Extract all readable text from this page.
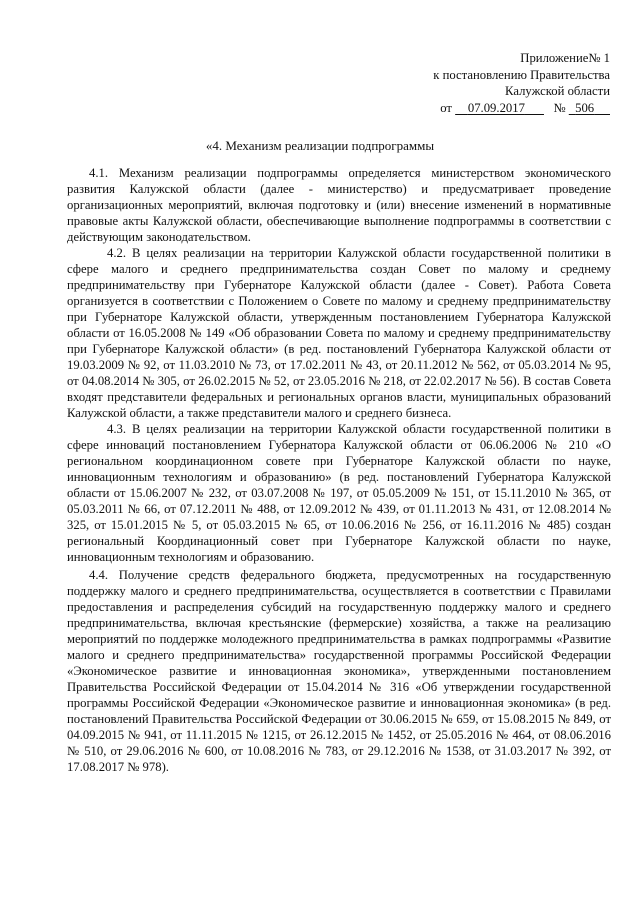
Приложение№ 1
к постановлению Правительства
Калужской области
от 07.09.2017 № 506
«4. Механизм реализации подпрограммы

4.1. Механизм реализации подпрограммы определяется министерством экономического развития Калужской области (далее - министерство) и предусматривает проведение организационных мероприятий, включая подготовку и (или) внесение изменений в нормативные правовые акты Калужской области, обеспечивающие выполнение подпрограммы в соответствии с действующим законодательством.

4.2. В целях реализации на территории Калужской области государственной политики в сфере малого и среднего предпринимательства создан Совет по малому и среднему предпринимательству при Губернаторе Калужской области (далее - Совет). Работа Совета организуется в соответствии с Положением о Совете по малому и среднему предпринимательству при Губернаторе Калужской области, утвержденным постановлением Губернатора Калужской области от 16.05.2008 № 149 «Об образовании Совета по малому и среднему предпринимательству при Губернаторе Калужской области» (в ред. постановлений Губернатора Калужской области от 19.03.2009 № 92, от 11.03.2010 № 73, от 17.02.2011 № 43, от 20.11.2012 № 562, от 05.03.2014 № 95, от 04.08.2014 № 305, от 26.02.2015 № 52, от 23.05.2016 № 218, от 22.02.2017 № 56). В состав Совета входят представители федеральных и региональных органов власти, муниципальных образований Калужской области, а также представители малого и среднего бизнеса.

4.3. В целях реализации на территории Калужской области государственной политики в сфере инноваций постановлением Губернатора Калужской области от 06.06.2006 № 210 «О региональном координационном совете при Губернаторе Калужской области по науке, инновационным технологиям и образованию» (в ред. постановлений Губернатора Калужской области от 15.06.2007 № 232, от 03.07.2008 № 197, от 05.05.2009 № 151, от 15.11.2010 № 365, от 05.03.2011 № 66, от 07.12.2011 № 488, от 12.09.2012 № 439, от 01.11.2013 № 431, от 12.08.2014 № 325, от 15.01.2015 № 5, от 05.03.2015 № 65, от 10.06.2016 № 256, от 16.11.2016 № 485) создан региональный Координационный совет при Губернаторе Калужской области по науке, инновационным технологиям и образованию.

4.4. Получение средств федерального бюджета, предусмотренных на государственную поддержку малого и среднего предпринимательства, осуществляется в соответствии с Правилами предоставления и распределения субсидий на государственную поддержку малого и среднего предпринимательства, включая крестьянские (фермерские) хозяйства, а также на реализацию мероприятий по поддержке молодежного предпринимательства в рамках подпрограммы «Развитие малого и среднего предпринимательства» государственной программы Российской Федерации «Экономическое развитие и инновационная экономика», утвержденными постановлением Правительства Российской Федерации от 15.04.2014 № 316 «Об утверждении государственной программы Российской Федерации «Экономическое развитие и инновационная экономика» (в ред. постановлений Правительства Российской Федерации от 30.06.2015 № 659, от 15.08.2015 № 849, от 04.09.2015 № 941, от 11.11.2015 № 1215, от 26.12.2015 № 1452, от 25.05.2016 № 464, от 08.06.2016 № 510, от 29.06.2016 № 600, от 10.08.2016 № 783, от 29.12.2016 № 1538, от 31.03.2017 № 392, от 17.08.2017 № 978).
